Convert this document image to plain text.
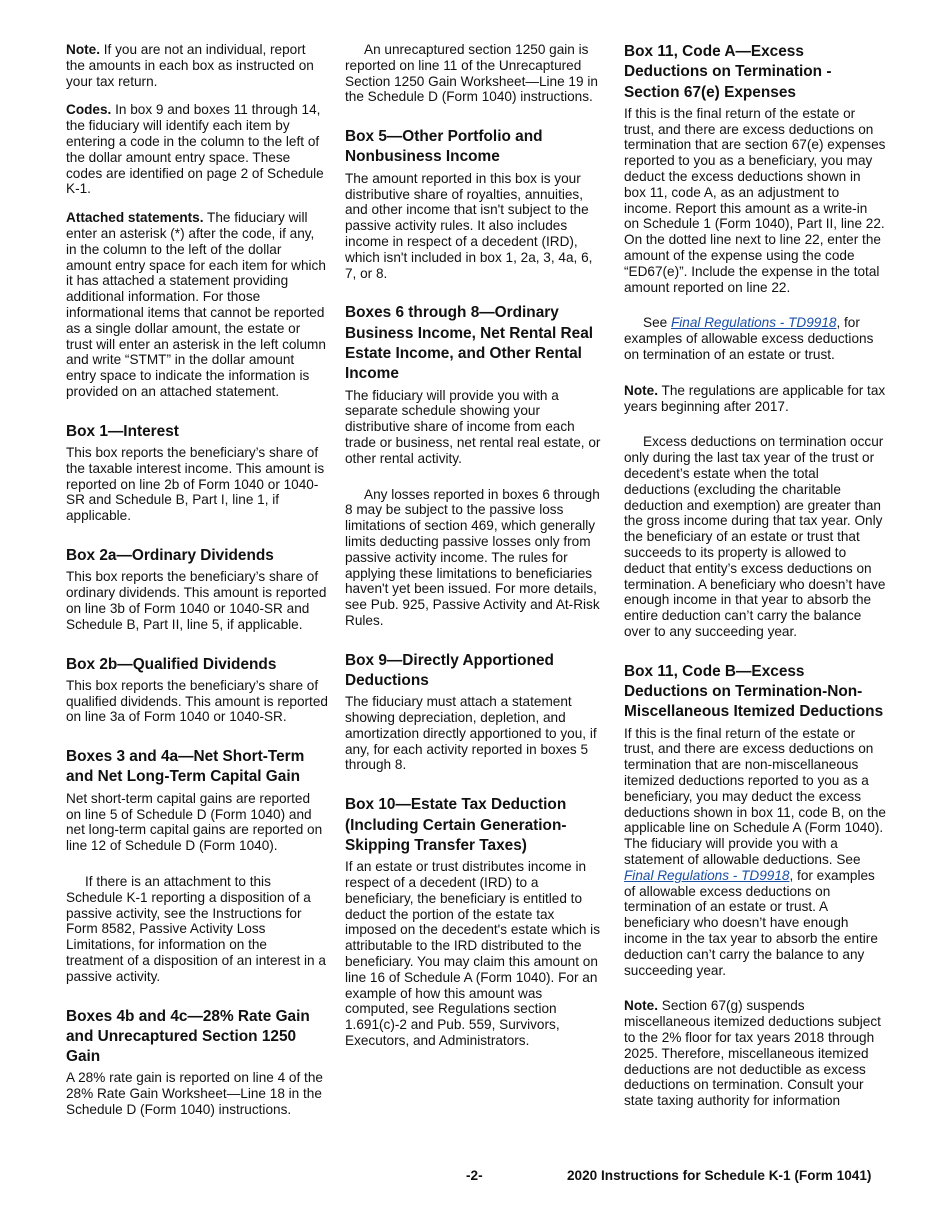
Note. If you are not an individual, report the amounts in each box as instructed on your tax return.

Codes. In box 9 and boxes 11 through 14, the fiduciary will identify each item by entering a code in the column to the left of the dollar amount entry space. These codes are identified on page 2 of Schedule K-1.

Attached statements. The fiduciary will enter an asterisk (*) after the code, if any, in the column to the left of the dollar amount entry space for each item for which it has attached a statement providing additional information. For those informational items that cannot be reported as a single dollar amount, the estate or trust will enter an asterisk in the left column and write “STMT” in the dollar amount entry space to indicate the information is provided on an attached statement.

Box 1—Interest

This box reports the beneficiary’s share of the taxable interest income. This amount is reported on line 2b of Form 1040 or 1040-SR and Schedule B, Part I, line 1, if applicable.

Box 2a—Ordinary Dividends

This box reports the beneficiary’s share of ordinary dividends. This amount is reported on line 3b of Form 1040 or 1040-SR and Schedule B, Part II, line 5, if applicable.

Box 2b—Qualified Dividends

This box reports the beneficiary’s share of qualified dividends. This amount is reported on line 3a of Form 1040 or 1040-SR.

Boxes 3 and 4a—Net Short-Term and Net Long-Term Capital Gain

Net short-term capital gains are reported on line 5 of Schedule D (Form 1040) and net long-term capital gains are reported on line 12 of Schedule D (Form 1040).

If there is an attachment to this Schedule K-1 reporting a disposition of a passive activity, see the Instructions for Form 8582, Passive Activity Loss Limitations, for information on the treatment of a disposition of an interest in a passive activity.

Boxes 4b and 4c—28% Rate Gain and Unrecaptured Section 1250 Gain

A 28% rate gain is reported on line 4 of the 28% Rate Gain Worksheet—Line 18 in the Schedule D (Form 1040) instructions.

An unrecaptured section 1250 gain is reported on line 11 of the Unrecaptured Section 1250 Gain Worksheet—Line 19 in the Schedule D (Form 1040) instructions.

Box 5—Other Portfolio and Nonbusiness Income

The amount reported in this box is your distributive share of royalties, annuities, and other income that isn't subject to the passive activity rules. It also includes income in respect of a decedent (IRD), which isn't included in box 1, 2a, 3, 4a, 6, 7, or 8.

Boxes 6 through 8—Ordinary Business Income, Net Rental Real Estate Income, and Other Rental Income

The fiduciary will provide you with a separate schedule showing your distributive share of income from each trade or business, net rental real estate, or other rental activity.

Any losses reported in boxes 6 through 8 may be subject to the passive loss limitations of section 469, which generally limits deducting passive losses only from passive activity income. The rules for applying these limitations to beneficiaries haven't yet been issued. For more details, see Pub. 925, Passive Activity and At-Risk Rules.

Box 9—Directly Apportioned Deductions

The fiduciary must attach a statement showing depreciation, depletion, and amortization directly apportioned to you, if any, for each activity reported in boxes 5 through 8.

Box 10—Estate Tax Deduction (Including Certain Generation-Skipping Transfer Taxes)

If an estate or trust distributes income in respect of a decedent (IRD) to a beneficiary, the beneficiary is entitled to deduct the portion of the estate tax imposed on the decedent's estate which is attributable to the IRD distributed to the beneficiary. You may claim this amount on line 16 of Schedule A (Form 1040). For an example of how this amount was computed, see Regulations section 1.691(c)-2 and Pub. 559, Survivors, Executors, and Administrators.

Box 11, Code A—Excess Deductions on Termination - Section 67(e) Expenses

If this is the final return of the estate or trust, and there are excess deductions on termination that are section 67(e) expenses reported to you as a beneficiary, you may deduct the excess deductions shown in box 11, code A, as an adjustment to income. Report this amount as a write-in on Schedule 1 (Form 1040), Part II, line 22. On the dotted line next to line 22, enter the amount of the expense using the code “ED67(e)”. Include the expense in the total amount reported on line 22.

See Final Regulations - TD9918, for examples of allowable excess deductions on termination of an estate or trust.

Note. The regulations are applicable for tax years beginning after 2017.

Excess deductions on termination occur only during the last tax year of the trust or decedent’s estate when the total deductions (excluding the charitable deduction and exemption) are greater than the gross income during that tax year. Only the beneficiary of an estate or trust that succeeds to its property is allowed to deduct that entity’s excess deductions on termination. A beneficiary who doesn’t have enough income in that year to absorb the entire deduction can’t carry the balance over to any succeeding year.

Box 11, Code B—Excess Deductions on Termination-Non-Miscellaneous Itemized Deductions

If this is the final return of the estate or trust, and there are excess deductions on termination that are non-miscellaneous itemized deductions reported to you as a beneficiary, you may deduct the excess deductions shown in box 11, code B, on the applicable line on Schedule A (Form 1040). The fiduciary will provide you with a statement of allowable deductions. See Final Regulations - TD9918, for examples of allowable excess deductions on termination of an estate or trust. A beneficiary who doesn’t have enough income in the tax year to absorb the entire deduction can’t carry the balance to any succeeding year.

Note. Section 67(g) suspends miscellaneous itemized deductions subject to the 2% floor for tax years 2018 through 2025. Therefore, miscellaneous itemized deductions are not deductible as excess deductions on termination. Consult your state taxing authority for information

-2-	2020 Instructions for Schedule K-1 (Form 1041)
